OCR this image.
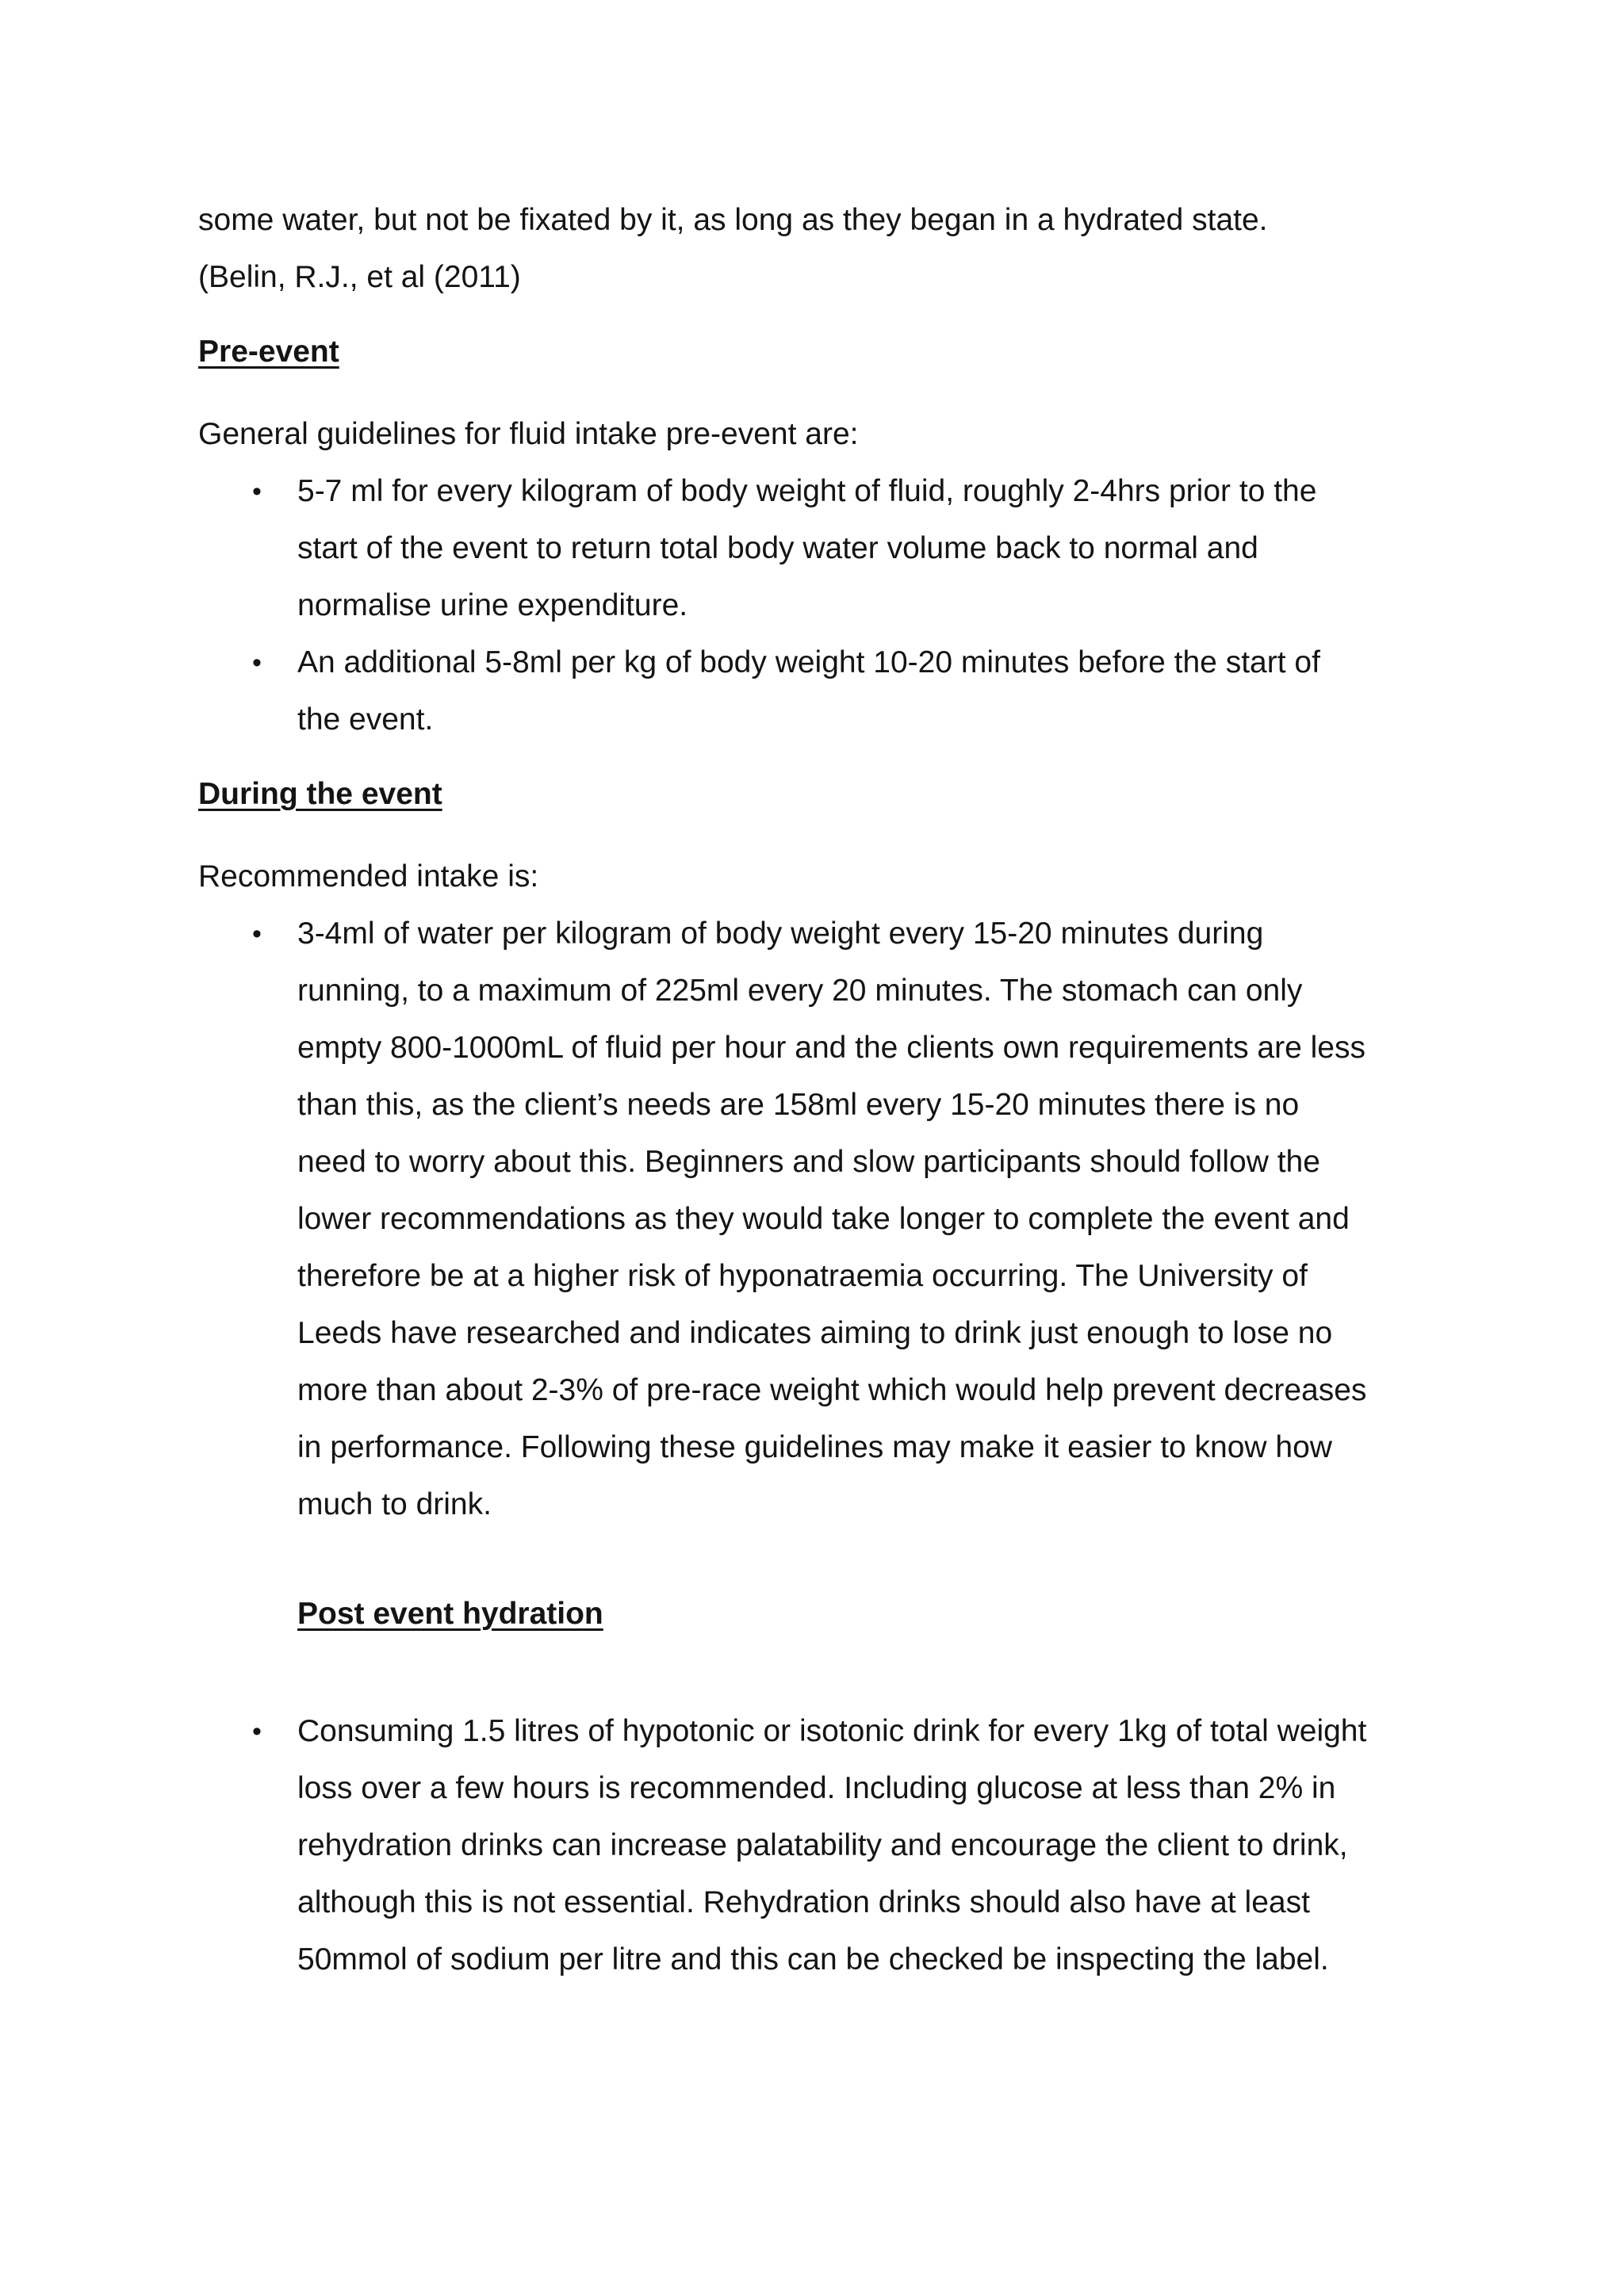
some water, but not be fixated by it, as long as they began in a hydrated state.

(Belin, R.J., et al (2011)

Pre-event

General guidelines for fluid intake pre-event are:

• 5-7 ml for every kilogram of body weight of fluid, roughly 2-4hrs prior to the

start of the event to return total body water volume back to normal and

normalise urine expenditure.

• An additional 5-8ml per kg of body weight 10-20 minutes before the start of

the event.

During the event

Recommended intake is:

• 3-4ml of water per kilogram of body weight every 15-20 minutes during

running, to a maximum of 225ml every 20 minutes. The stomach can only

empty 800-1000mL of fluid per hour and the clients own requirements are less

than this, as the client’s needs are 158ml every 15-20 minutes there is no

need to worry about this. Beginners and slow participants should follow the

lower recommendations as they would take longer to complete the event and

therefore be at a higher risk of hyponatraemia occurring. The University of

Leeds have researched and indicates aiming to drink just enough to lose no

more than about 2-3% of pre-race weight which would help prevent decreases

in performance. Following these guidelines may make it easier to know how

much to drink.

Post event hydration

• Consuming 1.5 litres of hypotonic or isotonic drink for every 1kg of total weight

loss over a few hours is recommended. Including glucose at less than 2% in

rehydration drinks can increase palatability and encourage the client to drink,

although this is not essential. Rehydration drinks should also have at least

50mmol of sodium per litre and this can be checked be inspecting the label.
